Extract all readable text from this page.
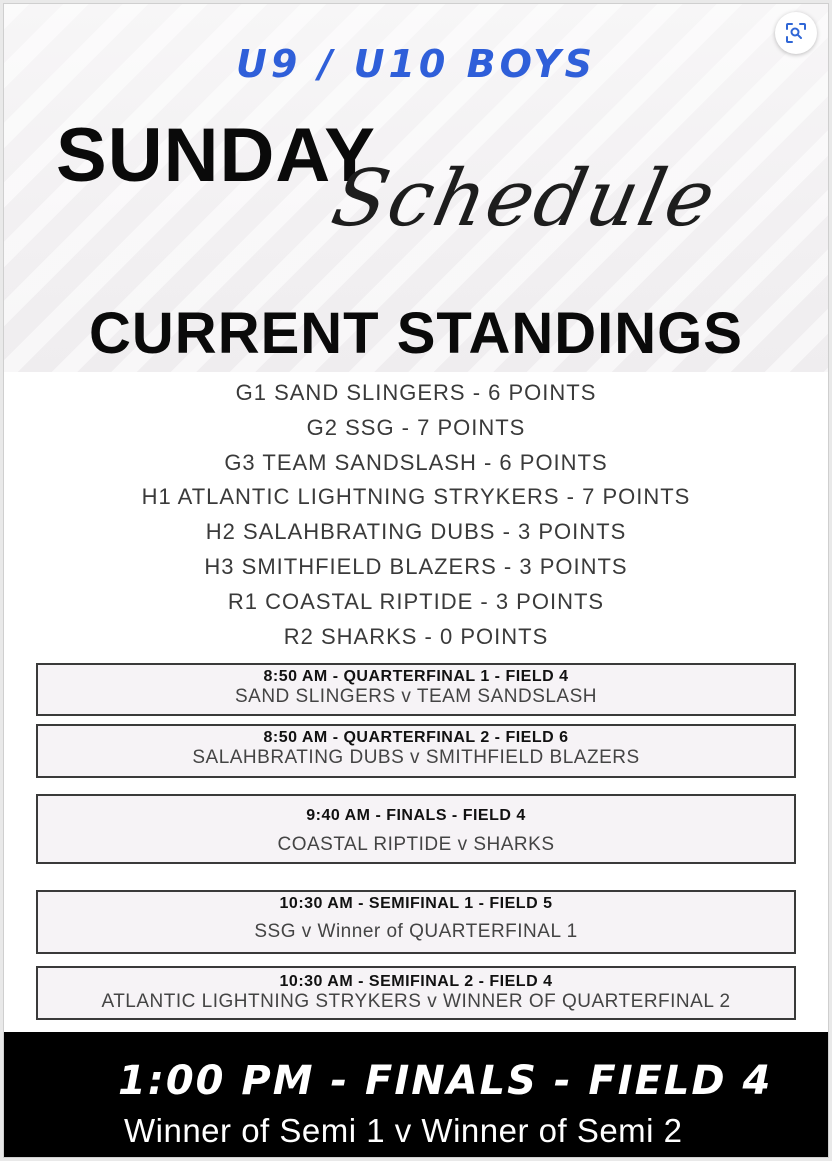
U9 / U10 BOYS
SUNDAY
Schedule
CURRENT STANDINGS
G1 SAND SLINGERS - 6 POINTS
G2 SSG - 7 POINTS
G3 TEAM SANDSLASH - 6 POINTS
H1 ATLANTIC LIGHTNING STRYKERS - 7 POINTS
H2 SALAHBRATING DUBS - 3 POINTS
H3 SMITHFIELD BLAZERS - 3 POINTS
R1 COASTAL RIPTIDE - 3 POINTS
R2 SHARKS - 0 POINTS
8:50 AM - QUARTERFINAL 1 - FIELD 4
SAND SLINGERS v TEAM SANDSLASH
8:50 AM - QUARTERFINAL 2 - FIELD 6
SALAHBRATING DUBS v SMITHFIELD BLAZERS
9:40 AM - FINALS - FIELD 4
COASTAL RIPTIDE v SHARKS
10:30 AM - SEMIFINAL 1 - FIELD 5
SSG v Winner of QUARTERFINAL 1
10:30 AM - SEMIFINAL 2 - FIELD 4
ATLANTIC LIGHTNING STRYKERS v WINNER OF QUARTERFINAL 2
1:00 PM - FINALS - FIELD 4
Winner of Semi 1 v Winner of Semi 2
